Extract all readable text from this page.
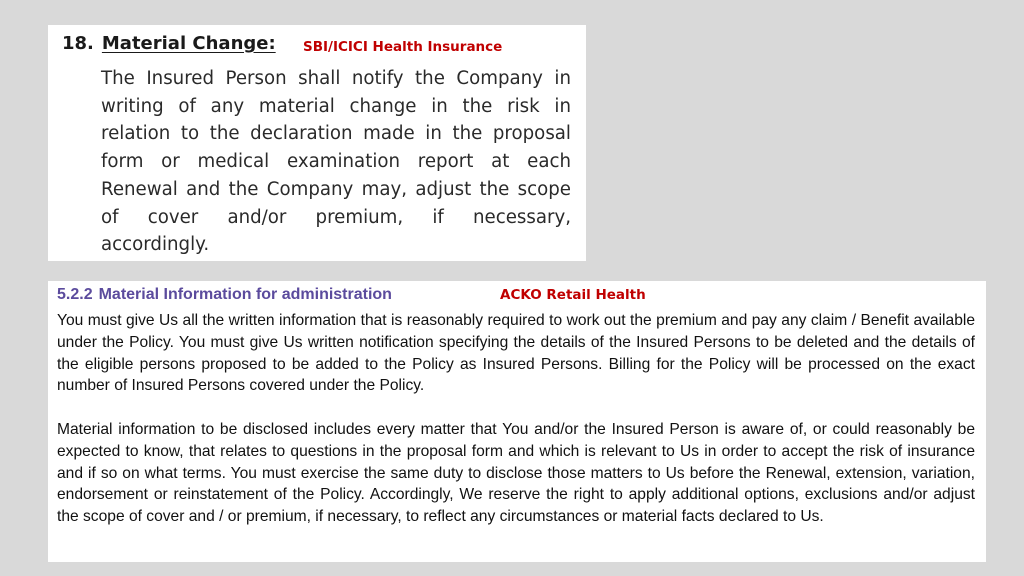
18. Material Change: SBI/ICICI Health Insurance
The Insured Person shall notify the Company in writing of any material change in the risk in relation to the declaration made in the proposal form or medical examination report at each Renewal and the Company may, adjust the scope of cover and/or premium, if necessary, accordingly.
5.2.2 Material Information for administration	ACKO Retail Health

You must give Us all the written information that is reasonably required to work out the premium and pay any claim / Benefit available under the Policy. You must give Us written notification specifying the details of the Insured Persons to be deleted and the details of the eligible persons proposed to be added to the Policy as Insured Persons. Billing for the Policy will be processed on the exact number of Insured Persons covered under the Policy.

Material information to be disclosed includes every matter that You and/or the Insured Person is aware of, or could reasonably be expected to know, that relates to questions in the proposal form and which is relevant to Us in order to accept the risk of insurance and if so on what terms. You must exercise the same duty to disclose those matters to Us before the Renewal, extension, variation, endorsement or reinstatement of the Policy. Accordingly, We reserve the right to apply additional options, exclusions and/or adjust the scope of cover and / or premium, if necessary, to reflect any circumstances or material facts declared to Us.
